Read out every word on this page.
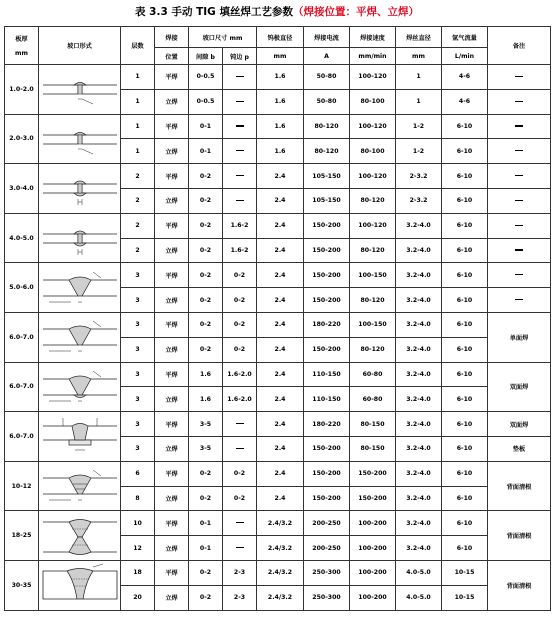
表 3.3 手动 TIG 填丝焊工艺参数（焊接位置：平焊、立焊）
板厚

mm	坡口形式	层数	焊接	坡口尺寸 mm		钨极直径	焊接电流	焊接速度	焊丝直径	氩气流量	备注
			位置	间隙 b	钝边 p	mm	A	mm/min	mm	L/min	
1.0-2.0		1	平焊	0-0.5		1.6	50-80	100-120	1	4-6	
		1	立焊	0-0.5		1.6	50-80	80-100	1	4-6	
2.0-3.0		1	平焊	0-1		1.6	80-120	100-120	1-2	6-10	
		1	立焊	0-1		1.6	80-120	80-100	1-2	6-10	
3.0-4.0		2	平焊	0-2		2.4	105-150	100-120	2-3.2	6-10	
		2	立焊	0-2		2.4	105-150	80-120	2-3.2	6-10	
4.0-5.0		2	平焊	0-2	1.6-2	2.4	150-200	100-120	3.2-4.0	6-10	
		2	立焊	0-2	1.6-2	2.4	150-200	80-120	3.2-4.0	6-10	
5.0-6.0		3	平焊	0-2	0-2	2.4	150-200	100-150	3.2-4.0	6-10	
		3	立焊	0-2	0-2	2.4	150-200	80-120	3.2-4.0	6-10	
6.0-7.0		3	平焊	0-2	0-2	2.4	180-220	100-150	3.2-4.0	6-10	单面焊
		3	立焊	0-2	0-2	2.4	150-200	80-120	3.2-4.0	6-10	
6.0-7.0		3	平焊	1.6	1.6-2.0	2.4	110-150	60-80	3.2-4.0	6-10	双面焊
		3	立焊	1.6	1.6-2.0	2.4	110-150	60-80	3.2-4.0	6-10	
6.0-7.0		3	平焊	3-5		2.4	180-220	80-150	3.2-4.0	6-10	双面焊
		3	立焊	3-5		2.4	150-200	80-150	3.2-4.0	6-10	垫板
10-12		6	平焊	0-2	0-2	2.4	150-200	150-200	3.2-4.0	6-10	背面清根
		8	立焊	0-2	0-2	2.4	150-200	150-200	3.2-4.0	6-10	
18-25		10	平焊	0-1		2.4/3.2	200-250	100-200	3.2-4.0	6-10	背面清根
		12	立焊	0-1		2.4/3.2	200-250	100-200	3.2-4.0	6-10	
30-35		18	平焊	0-2	2-3	2.4/3.2	250-300	100-200	4.0-5.0	10-15	背面清根
		20	立焊	0-2	2-3	2.4/3.2	250-300	100-200	4.0-5.0	10-15	
